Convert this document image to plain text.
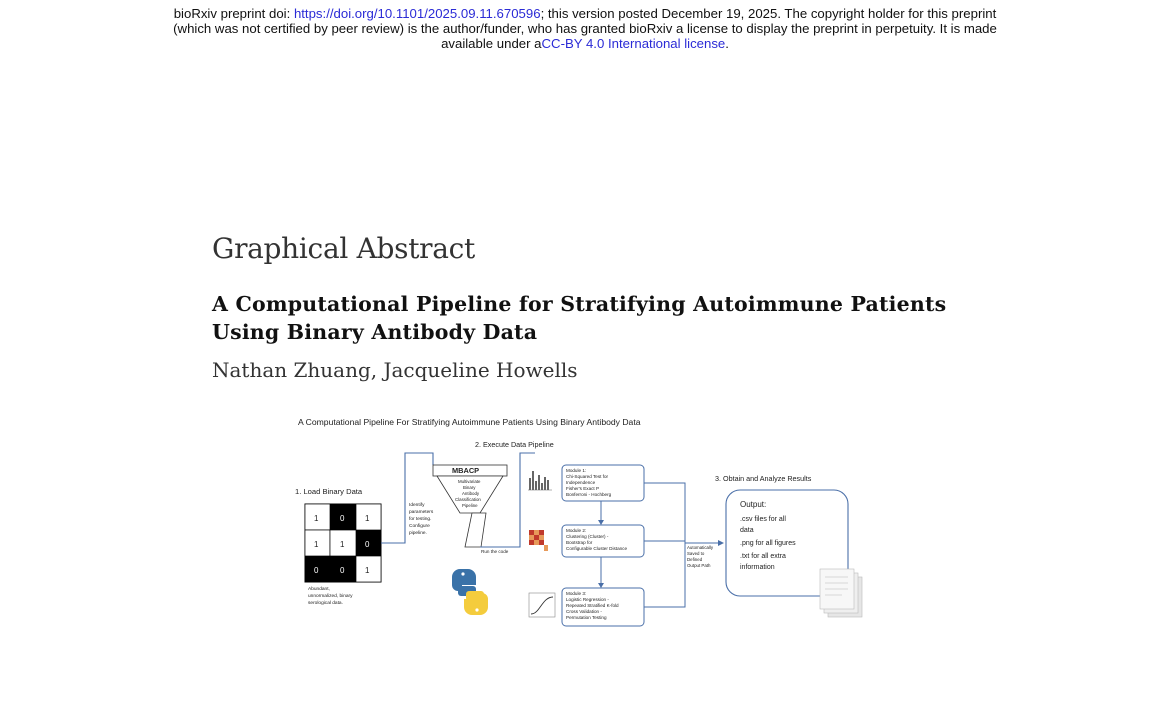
bioRxiv preprint doi: https://doi.org/10.1101/2025.09.11.670596; this version posted December 19, 2025. The copyright holder for this preprint
(which was not certified by peer review) is the author/funder, who has granted bioRxiv a license to display the preprint in perpetuity. It is made
available under aCC-BY 4.0 International license.
Graphical Abstract
A Computational Pipeline for Stratifying Autoimmune Patients
Using Binary Antibody Data
Nathan Zhuang, Jacqueline Howells
A Computational Pipeline For Stratifying Autoimmune Patients Using Binary Antibody Data
1. Load Binary Data
1	0	1
1	1	0
0	0	1
Abundant,
unnormalized, binary
serological data.
Identify
parameters
for testing.
Configure
pipeline.
2. Execute Data Pipeline
MBACP
Multivariate
Binary
Antibody
Classification
Pipeline
Run the code
Module 1:
Chi-Squared Test for
Independence
Fisher's Exact P
Bonferroni - Hochberg
Module 2:
Clustering (Cluster) -
Bootstrap for
Configurable Cluster Distance
Module 3:
Logistic Regression -
Repeated Stratified K-fold
Cross Validation -
Permutation Testing
Automatically
Saved to
Defined
Output Path
3. Obtain and Analyze Results
Output:
.csv files for all
data
.png for all figures
.txt for all extra
information
